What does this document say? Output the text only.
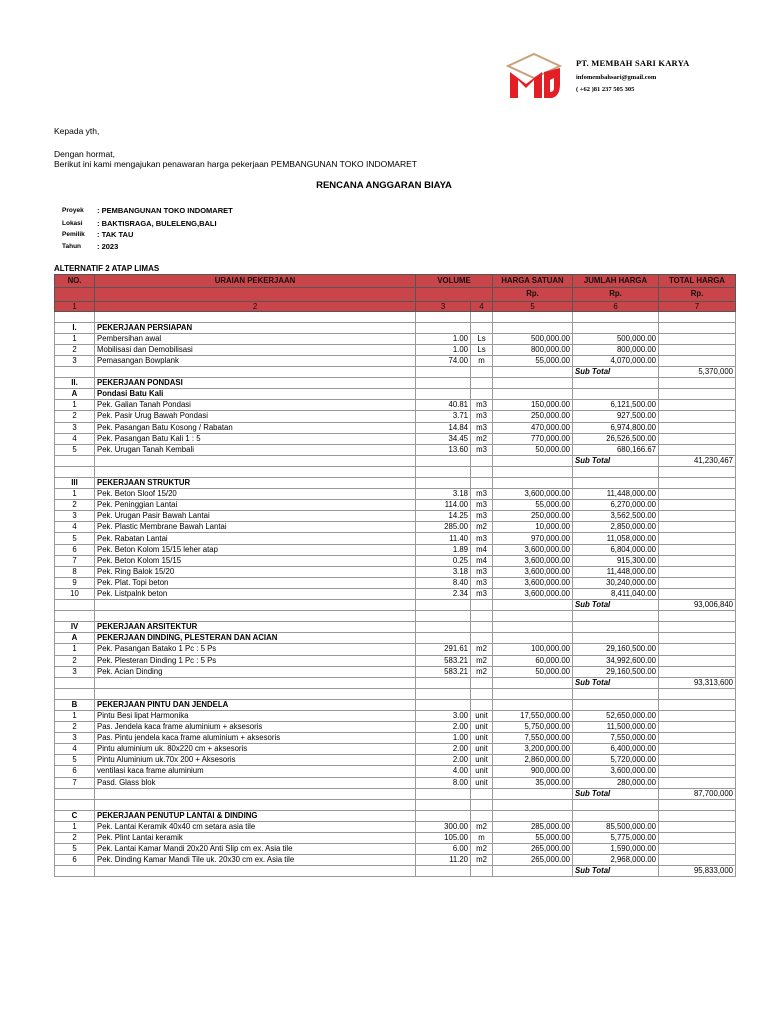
PT. MEMBAH SARI KARYA
infomembahsari@gmail.com
( +62 )81 237 505 305
Kepada yth,
Dengan hormat,
Berikut ini kami mengajukan penawaran harga pekerjaan PEMBANGUNAN TOKO INDOMARET
RENCANA ANGGARAN BIAYA
Proyek : PEMBANGUNAN TOKO INDOMARET
Lokasi : BAKTISRAGA, BULELENG,BALI
Pemilik : TAK TAU
Tahun : 2023
ALTERNATIF 2 ATAP LIMAS
NO.	URAIAN PEKERJAAN	VOLUME		HARGA SATUAN	JUMLAH HARGA	TOTAL HARGA
				Rp.	Rp.	Rp.
1	2	3	4	5	6	7

I.	PEKERJAAN PERSIAPAN					
1	Pembersihan awal	1.00	Ls	500,000.00	500,000.00	
2	Mobilisasi dan Demobilisasi	1.00	Ls	800,000.00	800,000.00	
3	Pemasangan Bowplank	74.00	m	55,000.00	4,070,000.00	
					Sub Total	5,370,000
II.	PEKERJAAN PONDASI					
A	Pondasi Batu Kali					
1	Pek. Galian Tanah Pondasi	40.81	m3	150,000.00	6,121,500.00	
2	Pek. Pasir Urug Bawah Pondasi	3.71	m3	250,000.00	927,500.00	
3	Pek. Pasangan Batu Kosong / Rabatan	14.84	m3	470,000.00	6,974,800.00	
4	Pek. Pasangan Batu Kali 1 : 5	34.45	m2	770,000.00	26,526,500.00	
5	Pek. Urugan Tanah Kembali	13.60	m3	50,000.00	680,166.67	
					Sub Total	41,230,467

III	PEKERJAAN STRUKTUR					
1	Pek. Beton Sloof 15/20	3.18	m3	3,600,000.00	11,448,000.00	
2	Pek. Peninggian Lantai	114.00	m3	55,000.00	6,270,000.00	
3	Pek. Urugan Pasir Bawah Lantai	14.25	m3	250,000.00	3,562,500.00	
4	Pek. Plastic Membrane Bawah Lantai	285.00	m2	10,000.00	2,850,000.00	
5	Pek. Rabatan Lantai	11.40	m3	970,000.00	11,058,000.00	
6	Pek. Beton Kolom 15/15 leher atap	1.89	m4	3,600,000.00	6,804,000.00	
7	Pek. Beton Kolom 15/15	0.25	m4	3,600,000.00	915,300.00	
8	Pek. Ring Balok 15/20	3.18	m3	3,600,000.00	11,448,000.00	
9	Pek. Plat. Topi beton	8.40	m3	3,600,000.00	30,240,000.00	
10	Pek. Listpalnk beton	2.34	m3	3,600,000.00	8,411,040.00	
					Sub Total	93,006,840

IV	PEKERJAAN ARSITEKTUR					
A	PEKERJAAN DINDING, PLESTERAN DAN ACIAN					
1	Pek. Pasangan Batako 1 Pc : 5 Ps	291.61	m2	100,000.00	29,160,500.00	
2	Pek. Plesteran Dinding 1 Pc : 5 Ps	583.21	m2	60,000.00	34,992,600.00	
3	Pek. Acian Dinding	583.21	m2	50,000.00	29,160,500.00	
					Sub Total	93,313,600

B	PEKERJAAN PINTU DAN JENDELA					
1	Pintu Besi lipat Harmonika	3.00	unit	17,550,000.00	52,650,000.00	
2	Pas. Jendela kaca frame aluminium + aksesoris	2.00	unit	5,750,000.00	11,500,000.00	
3	Pas. Pintu jendela kaca frame aluminium + aksesoris	1.00	unit	7,550,000.00	7,550,000.00	
4	Pintu aluminium uk. 80x220 cm + aksesoris	2.00	unit	3,200,000.00	6,400,000.00	
5	Pintu Aluminium uk.70x 200 + Aksesoris	2.00	unit	2,860,000.00	5,720,000.00	
6	ventilasi kaca frame aluminium	4.00	unit	900,000.00	3,600,000.00	
7	Pasd. Glass blok	8.00	unit	35,000.00	280,000.00	
					Sub Total	87,700,000

C	PEKERJAAN PENUTUP LANTAI & DINDING					
1	Pek. Lantai Keramik 40x40 cm setara asia tile	300.00	m2	285,000.00	85,500,000.00	
2	Pek. Plint Lantai keramik	105.00	m	55,000.00	5,775,000.00	
5	Pek. Lantai Kamar Mandi 20x20 Anti Slip cm ex. Asia tile	6.00	m2	265,000.00	1,590,000.00	
6	Pek. Dinding Kamar Mandi Tile uk. 20x30 cm ex. Asia tile	11.20	m2	265,000.00	2,968,000.00	
					Sub Total	95,833,000
